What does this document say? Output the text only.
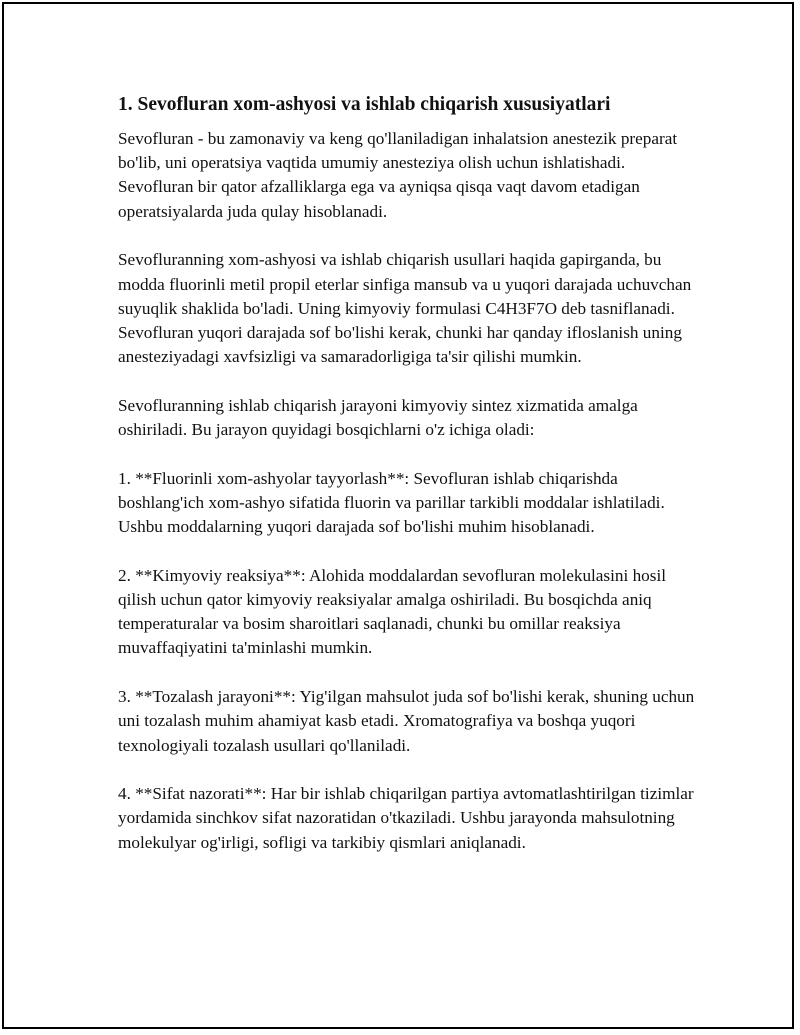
1. Sevofluran xom-ashyosi va ishlab chiqarish xususiyatlari

Sevofluran - bu zamonaviy va keng qo'llaniladigan inhalatsion anestezik preparat bo'lib, uni operatsiya vaqtida umumiy anesteziya olish uchun ishlatishadi. Sevofluran bir qator afzalliklarga ega va ayniqsa qisqa vaqt davom etadigan operatsiyalarda juda qulay hisoblanadi.

Sevofluranning xom-ashyosi va ishlab chiqarish usullari haqida gapirganda, bu modda fluorinli metil propil eterlar sinfiga mansub va u yuqori darajada uchuvchan suyuqlik shaklida bo'ladi. Uning kimyoviy formulasi C4H3F7O deb tasniflanadi. Sevofluran yuqori darajada sof bo'lishi kerak, chunki har qanday ifloslanish uning anesteziyadagi xavfsizligi va samaradorligiga ta'sir qilishi mumkin.

Sevofluranning ishlab chiqarish jarayoni kimyoviy sintez xizmatida amalga oshiriladi. Bu jarayon quyidagi bosqichlarni o'z ichiga oladi:

1. **Fluorinli xom-ashyolar tayyorlash**: Sevofluran ishlab chiqarishda boshlang'ich xom-ashyo sifatida fluorin va parillar tarkibli moddalar ishlatiladi. Ushbu moddalarning yuqori darajada sof bo'lishi muhim hisoblanadi.

2. **Kimyoviy reaksiya**: Alohida moddalardan sevofluran molekulasini hosil qilish uchun qator kimyoviy reaksiyalar amalga oshiriladi. Bu bosqichda aniq temperaturalar va bosim sharoitlari saqlanadi, chunki bu omillar reaksiya muvaffaqiyatini ta'minlashi mumkin.

3. **Tozalash jarayoni**: Yig'ilgan mahsulot juda sof bo'lishi kerak, shuning uchun uni tozalash muhim ahamiyat kasb etadi. Xromatografiya va boshqa yuqori texnologiyali tozalash usullari qo'llaniladi.

4. **Sifat nazorati**: Har bir ishlab chiqarilgan partiya avtomatlashtirilgan tizimlar yordamida sinchkov sifat nazoratidan o'tkaziladi. Ushbu jarayonda mahsulotning molekulyar og'irligi, sofligi va tarkibiy qismlari aniqlanadi.
